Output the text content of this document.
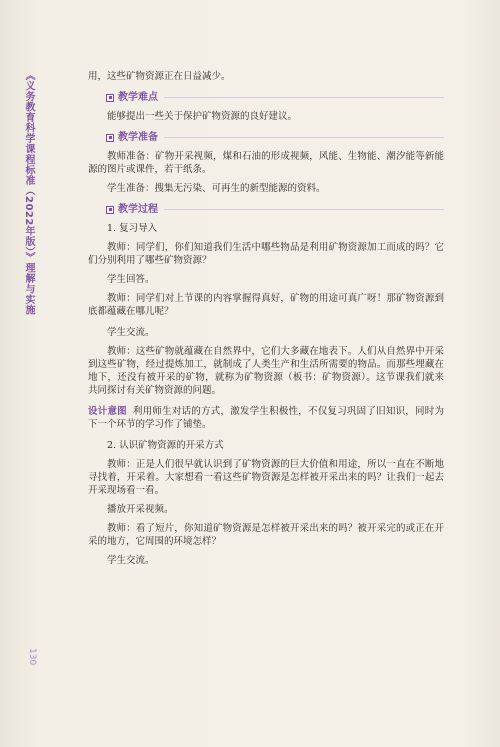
《义务教育科学课程标准（2022年版）》理解与实施
130

用，这些矿物资源正在日益减少。

教学难点

能够提出一些关于保护矿物资源的良好建议。

教学准备

教师准备：矿物开采视频，煤和石油的形成视频，风能、生物能、潮汐能等新能源的图片或课件，若干纸条。

学生准备：搜集无污染、可再生的新型能源的资料。

教学过程

1. 复习导入

教师：同学们，你们知道我们生活中哪些物品是利用矿物资源加工而成的吗？它们分别利用了哪些矿物资源？

学生回答。

教师：同学们对上节课的内容掌握得真好，矿物的用途可真广呀！那矿物资源到底都蕴藏在哪儿呢？

学生交流。

教师：这些矿物就蕴藏在自然界中，它们大多藏在地表下。人们从自然界中开采到这些矿物，经过提炼加工，就制成了人类生产和生活所需要的物品。而那些埋藏在地下，还没有被开采的矿物，就称为矿物资源（板书：矿物资源）。这节课我们就来共同探讨有关矿物资源的问题。

设计意图 利用师生对话的方式，激发学生积极性，不仅复习巩固了旧知识，同时为下一个环节的学习作了铺垫。

2. 认识矿物资源的开采方式

教师：正是人们很早就认识到了矿物资源的巨大价值和用途，所以一直在不断地寻找着，开采着。大家想看一看这些矿物资源是怎样被开采出来的吗？让我们一起去开采现场看一看。

播放开采视频。

教师：看了短片，你知道矿物资源是怎样被开采出来的吗？被开采完的或正在开采的地方，它周围的环境怎样？

学生交流。
